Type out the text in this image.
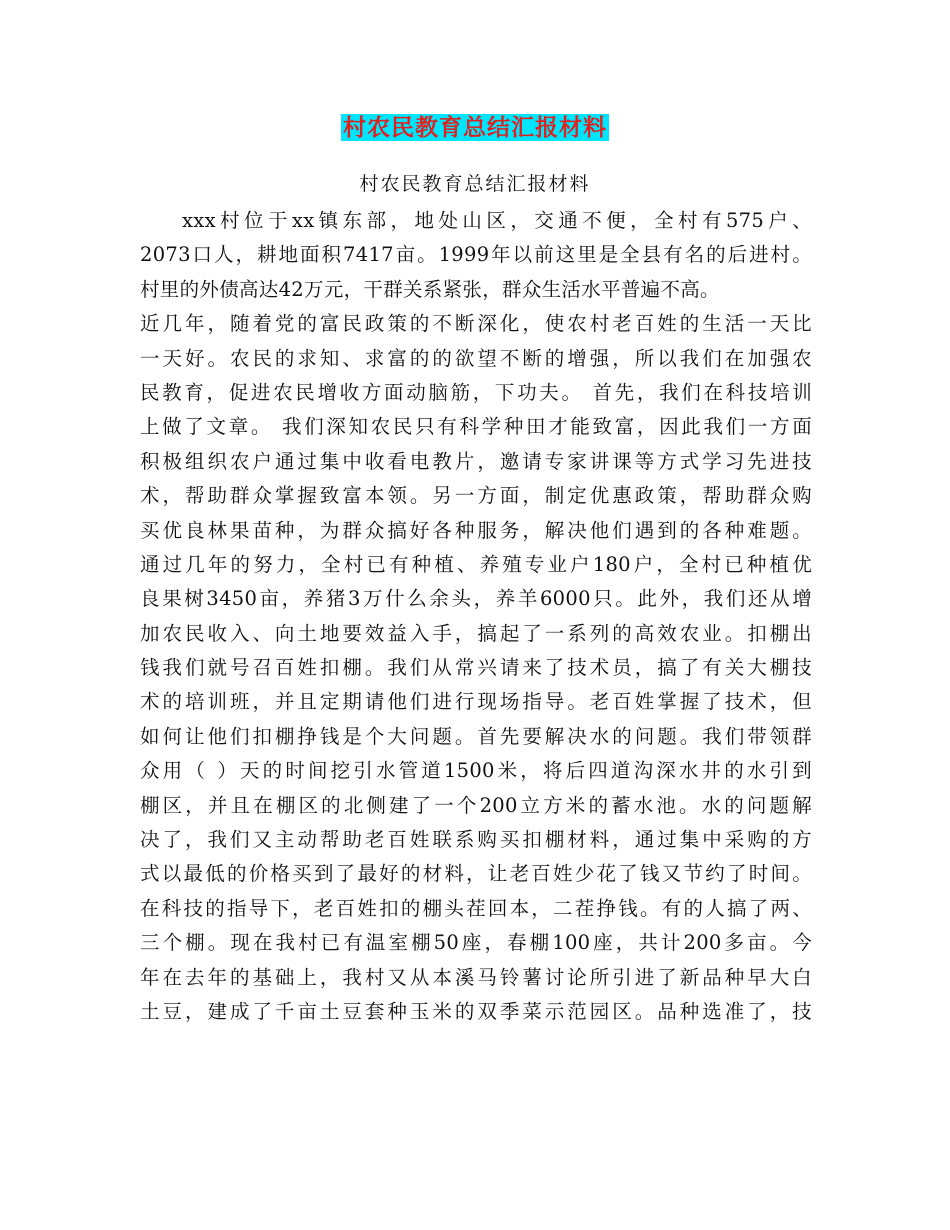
村农民教育总结汇报材料
村农民教育总结汇报材料
xxx村位于xx镇东部，地处山区，交通不便，全村有575户、
2073口人，耕地面积7417亩。1999年以前这里是全县有名的后进村。
村里的外债高达42万元，干群关系紧张，群众生活水平普遍不高。
近几年，随着党的富民政策的不断深化，使农村老百姓的生活一天比
一天好。农民的求知、求富的的欲望不断的增强，所以我们在加强农
民教育，促进农民增收方面动脑筋，下功夫。 首先，我们在科技培训
上做了文章。 我们深知农民只有科学种田才能致富，因此我们一方面
积极组织农户通过集中收看电教片，邀请专家讲课等方式学习先进技
术，帮助群众掌握致富本领。另一方面，制定优惠政策，帮助群众购
买优良林果苗种，为群众搞好各种服务，解决他们遇到的各种难题。
通过几年的努力，全村已有种植、养殖专业户180户，全村已种植优
良果树3450亩，养猪3万什么余头，养羊6000只。此外，我们还从增
加农民收入、向土地要效益入手，搞起了一系列的高效农业。扣棚出
钱我们就号召百姓扣棚。我们从常兴请来了技术员，搞了有关大棚技
术的培训班，并且定期请他们进行现场指导。老百姓掌握了技术，但
如何让他们扣棚挣钱是个大问题。首先要解决水的问题。我们带领群
众用（ ）天的时间挖引水管道1500米，将后四道沟深水井的水引到
棚区，并且在棚区的北侧建了一个200立方米的蓄水池。水的问题解
决了，我们又主动帮助老百姓联系购买扣棚材料，通过集中采购的方
式以最低的价格买到了最好的材料，让老百姓少花了钱又节约了时间。
在科技的指导下，老百姓扣的棚头茬回本，二茬挣钱。有的人搞了两、
三个棚。现在我村已有温室棚50座，春棚100座，共计200多亩。今
年在去年的基础上，我村又从本溪马铃薯讨论所引进了新品种早大白
土豆，建成了千亩土豆套种玉米的双季菜示范园区。品种选准了，技
